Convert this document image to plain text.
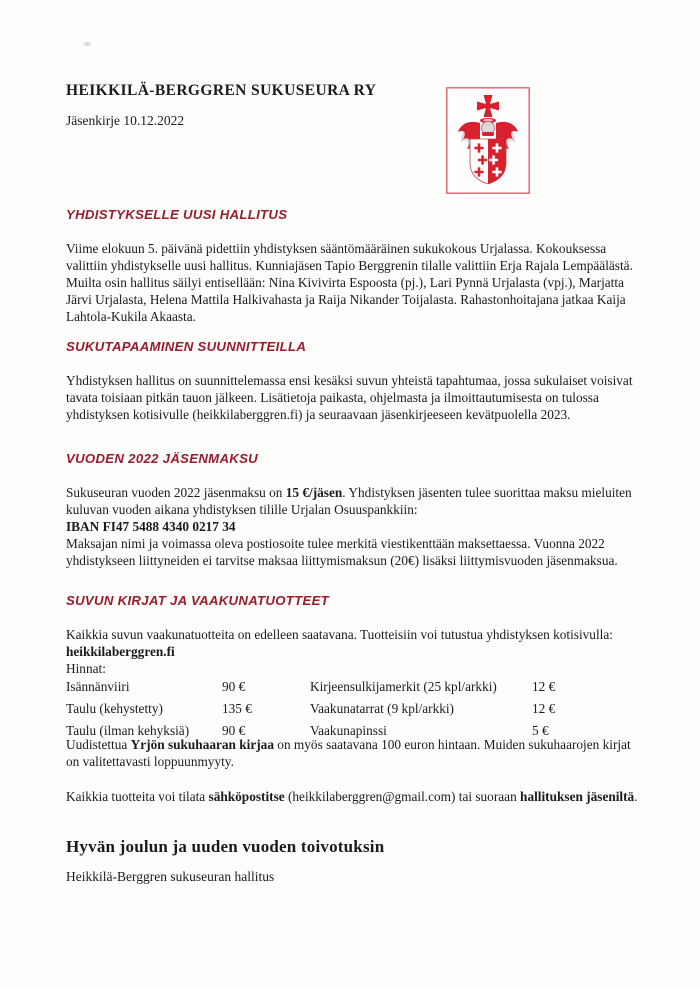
HEIKKILÄ-BERGGREN SUKUSEURA RY
Jäsenkirje 10.12.2022
YHDISTYKSELLE UUSI HALLITUS

Viime elokuun 5. päivänä pidettiin yhdistyksen sääntömääräinen sukukokous Urjalassa. Kokouksessa valittiin yhdistykselle uusi hallitus. Kunniajäsen Tapio Berggrenin tilalle valittiin Erja Rajala Lempäälästä. Muilta osin hallitus säilyi entisellään: Nina Kivivirta Espoosta (pj.), Lari Pynnä Urjalasta (vpj.), Marjatta Järvi Urjalasta, Helena Mattila Halkivahasta ja Raija Nikander Toijalasta. Rahastonhoitajana jatkaa Kaija Lahtola-Kukila Akaasta.

SUKUTAPAAMINEN SUUNNITTEILLA

Yhdistyksen hallitus on suunnittelemassa ensi kesäksi suvun yhteistä tapahtumaa, jossa sukulaiset voisivat tavata toisiaan pitkän tauon jälkeen. Lisätietoja paikasta, ohjelmasta ja ilmoittautumisesta on tulossa yhdistyksen kotisivulle (heikkilaberggren.fi) ja seuraavaan jäsenkirjeeseen kevätpuolella 2023.

VUODEN 2022 JÄSENMAKSU

Sukuseuran vuoden 2022 jäsenmaksu on 15 €/jäsen. Yhdistyksen jäsenten tulee suorittaa maksu mieluiten kuluvan vuoden aikana yhdistyksen tilille Urjalan Osuuspankkiin:

IBAN FI47 5488 4340 0217 34

Maksajan nimi ja voimassa oleva postiosoite tulee merkitä viestikenttään maksettaessa. Vuonna 2022 yhdistykseen liittyneiden ei tarvitse maksaa liittymismaksun (20€) lisäksi liittymisvuoden jäsenmaksua.

SUVUN KIRJAT JA VAAKUNATUOTTEET

Kaikkia suvun vaakunatuotteita on edelleen saatavana. Tuotteisiin voi tutustua yhdistyksen kotisivulla: heikkilaberggren.fi

Hinnat:

Isännänviiri	90 €	Kirjeensulkijamerkit (25 kpl/arkki)	12 €
Taulu (kehystetty)	135 €	Vaakunatarrat (9 kpl/arkki)	12 €
Taulu (ilman kehyksiä)	90 €	Vaakunapinssi	5 €

Uudistettua Yrjön sukuhaaran kirjaa on myös saatavana 100 euron hintaan. Muiden sukuhaarojen kirjat on valitettavasti loppuunmyyty.

Kaikkia tuotteita voi tilata sähköpostitse (heikkilaberggren@gmail.com) tai suoraan hallituksen jäseniltä.

Hyvän joulun ja uuden vuoden toivotuksin
Heikkilä-Berggren sukuseuran hallitus
